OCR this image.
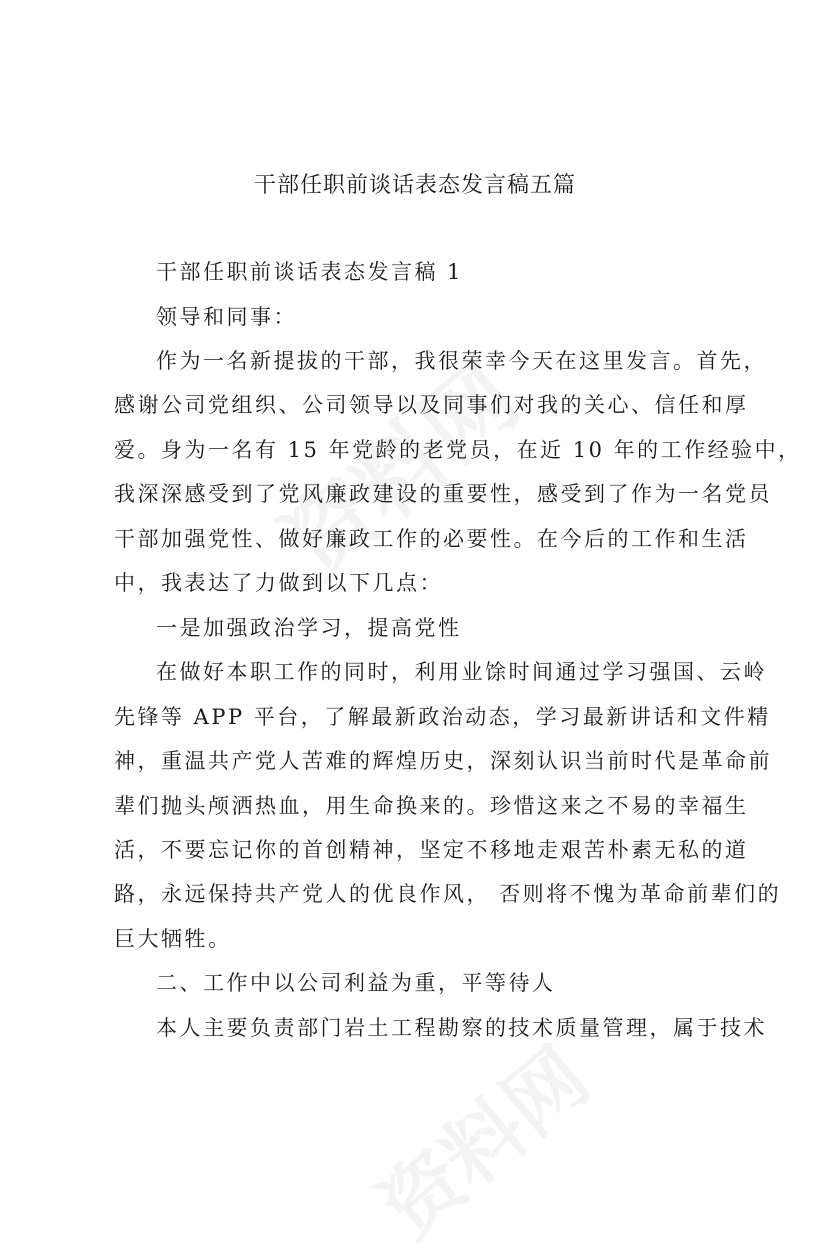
干部任职前谈话表态发言稿五篇
干部任职前谈话表态发言稿 1
领导和同事：
作为一名新提拔的干部，我很荣幸今天在这里发言。首先，
感谢公司党组织、公司领导以及同事们对我的关心、信任和厚
爱。身为一名有 15 年党龄的老党员，在近 10 年的工作经验中，
我深深感受到了党风廉政建设的重要性，感受到了作为一名党员
干部加强党性、做好廉政工作的必要性。在今后的工作和生活
中，我表达了力做到以下几点：
一是加强政治学习，提高党性
在做好本职工作的同时，利用业馀时间通过学习强国、云岭
先锋等 APP 平台，了解最新政治动态，学习最新讲话和文件精
神，重温共产党人苦难的辉煌历史，深刻认识当前时代是革命前
辈们抛头颅洒热血，用生命换来的。珍惜这来之不易的幸福生
活，不要忘记你的首创精神，坚定不移地走艰苦朴素无私的道
路，永远保持共产党人的优良作风， 否则将不愧为革命前辈们的
巨大牺牲。
二、工作中以公司利益为重，平等待人
本人主要负责部门岩土工程勘察的技术质量管理，属于技术
